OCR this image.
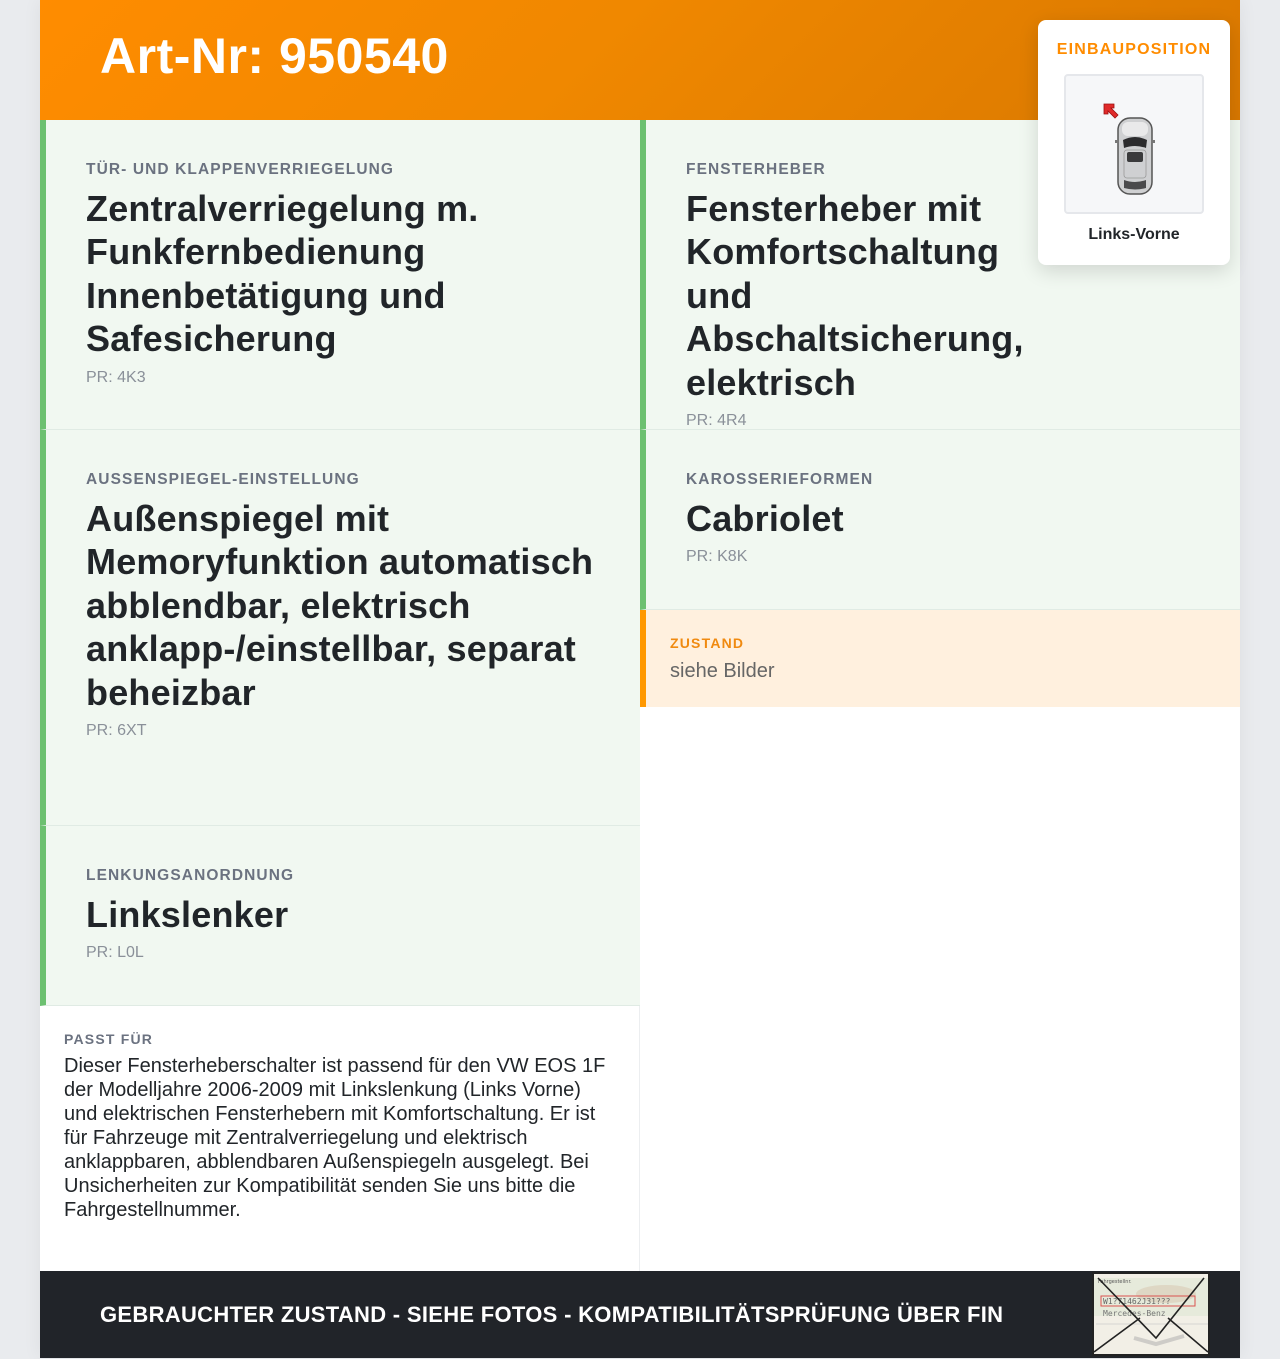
Art-Nr: 950540
TÜR- UND KLAPPENVERRIEGELUNG
Zentralverriegelung m. Funkfernbedienung Innenbetätigung und Safesicherung
PR: 4K3
AUSSENSPIEGEL-EINSTELLUNG
Außenspiegel mit Memoryfunktion automatisch abblendbar, elektrisch anklapp-/einstellbar, separat beheizbar
PR: 6XT
LENKUNGSANORDNUNG
Linkslenker
PR: L0L
FENSTERHEBER
Fensterheber mit Komfortschaltung und Abschaltsicherung, elektrisch
PR: 4R4
KAROSSERIEFORMEN
Cabriolet
PR: K8K
ZUSTAND
siehe Bilder
PASST FÜR
Dieser Fensterheberschalter ist passend für den VW EOS 1F der Modelljahre 2006-2009 mit Linkslenkung (Links Vorne) und elektrischen Fensterhebern mit Komfortschaltung. Er ist für Fahrzeuge mit Zentralverriegelung und elektrisch anklappbaren, abblendbaren Außenspiegeln ausgelegt. Bei Unsicherheiten zur Kompatibilität senden Sie uns bitte die Fahrgestellnummer.
GEBRAUCHTER ZUSTAND - SIEHE FOTOS - KOMPATIBILITÄTSPRÜFUNG ÜBER FIN
Fahrgestellnr.
W1?71462J31???
Mercedes-Benz
EINBAUPOSITION
Links-Vorne
